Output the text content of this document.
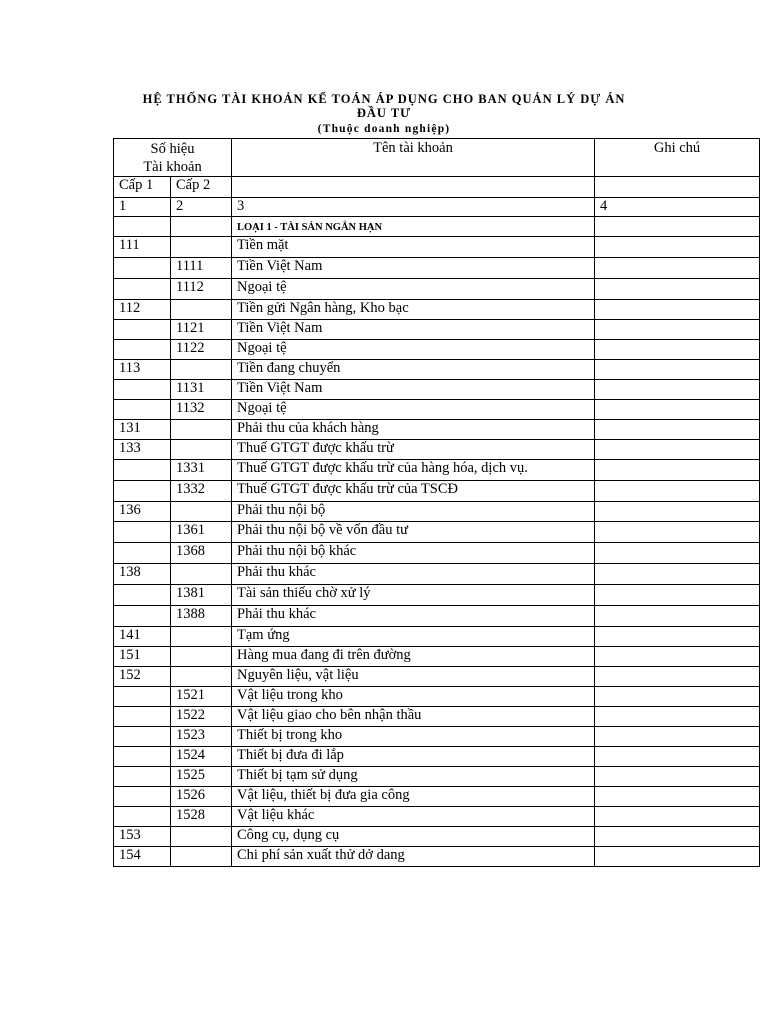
HỆ THỐNG TÀI KHOẢN KẾ TOÁN ÁP DỤNG CHO BAN QUẢN LÝ DỰ ÁN
ĐẦU TƯ
(Thuộc doanh nghiệp)
Số hiệu
Tài khoản		Tên tài khoản	Ghi chú
Cấp 1	Cấp 2		
1	2	3	4
		LOẠI 1 - TÀI SẢN NGẮN HẠN	
111		Tiền mặt	
	1111	Tiền Việt Nam	
	1112	Ngoại tệ	
112		Tiền gửi Ngân hàng, Kho bạc	
	1121	Tiền Việt Nam	
	1122	Ngoại tệ	
113		Tiền đang chuyển	
	1131	Tiền Việt Nam	
	1132	Ngoại tệ	
131		Phải thu của khách hàng	
133		Thuế GTGT được khấu trừ	
	1331	Thuế GTGT được khấu trừ của hàng hóa, dịch vụ.	
	1332	Thuế GTGT được khấu trừ của TSCĐ	
136		Phải thu nội bộ	
	1361	Phải thu nội bộ về vốn đầu tư	
	1368	Phải thu nội bộ khác	
138		Phải thu khác	
	1381	Tài sản thiếu chờ xử lý	
	1388	Phải thu khác	
141		Tạm ứng	
151		Hàng mua đang đi trên đường	
152		Nguyên liệu, vật liệu	
	1521	Vật liệu trong kho	
	1522	Vật liệu giao cho bên nhận thầu	
	1523	Thiết bị trong kho	
	1524	Thiết bị đưa đi lắp	
	1525	Thiết bị tạm sử dụng	
	1526	Vật liệu, thiết bị đưa gia công	
	1528	Vật liệu khác	
153		Công cụ, dụng cụ	
154		Chi phí sản xuất thử dở dang	
